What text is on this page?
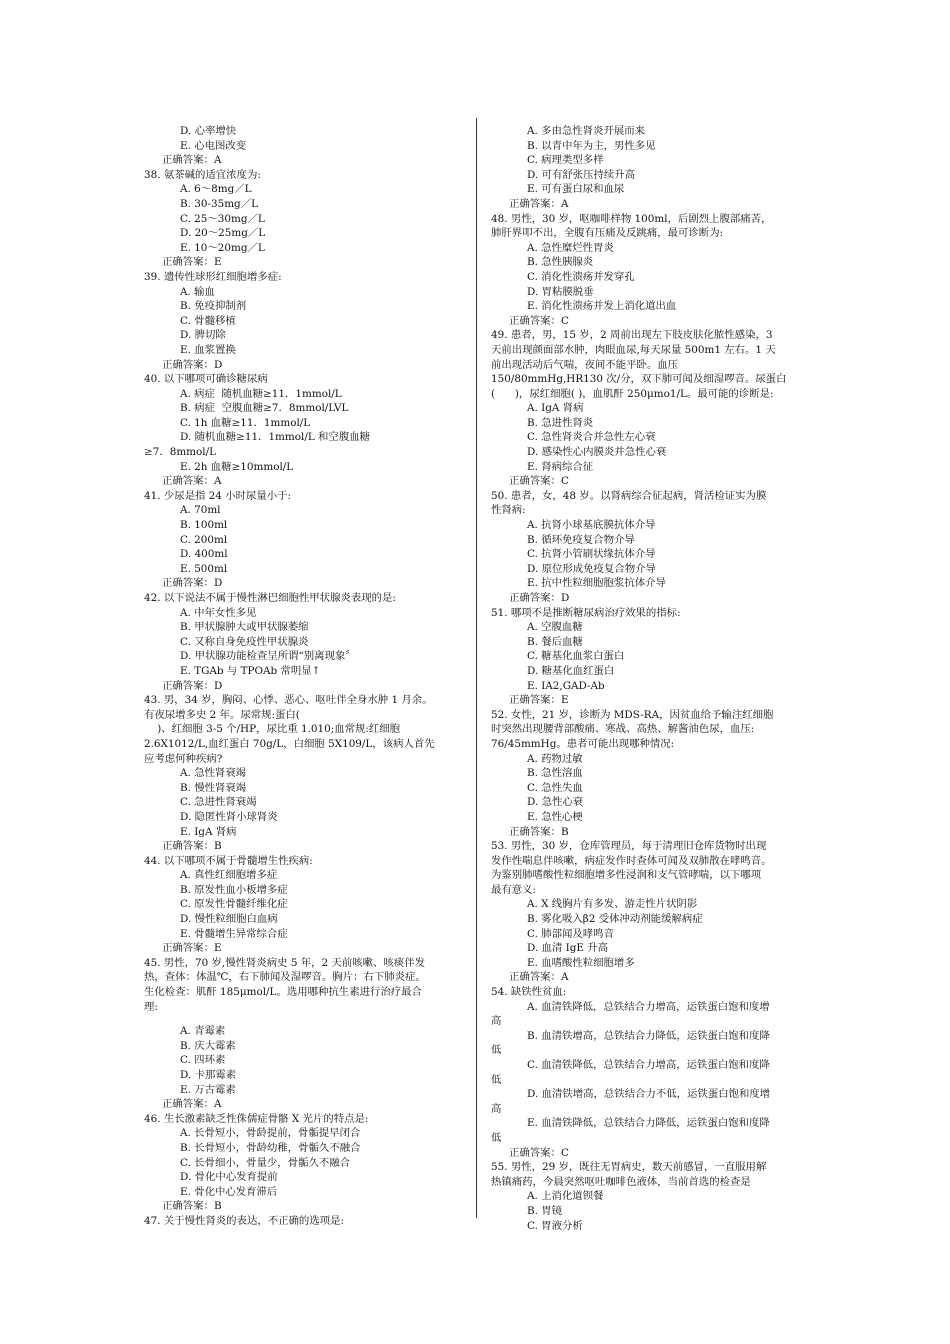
D. 心率增快
E. 心电图改变
正确答案：A
38. 氨茶碱的适宜浓度为:
A. 6～8mg／L
B. 30-35mg／L
C. 25～30mg／L
D. 20～25mg／L
E. 10～20mg／L
正确答案：E
39. 遗传性球形红细胞增多症:
A. 输血
B. 免疫抑制剂
C. 骨髓移植
D. 脾切除
E. 血浆置换
正确答案：D
40. 以下哪项可确诊糖尿病
A. 病症  随机血糖≥11．1mmol/L
B. 病症  空腹血糖≥7．8mmol/LVL
C. 1h 血糖≥11．1mmol/L
D. 随机血糖≥11．1mmol/L 和空腹血糖
≥7．8mmol/L
E. 2h 血糖≥10mmol/L
正确答案：A
41. 少尿是指 24 小时尿量小于:
A. 70ml
B. 100ml
C. 200ml
D. 400ml
E. 500ml
正确答案：D
42. 以下说法不属于慢性淋巴细胞性甲状腺炎表现的是:
A. 中年女性多见
B. 甲状腺肿大或甲状腺萎缩
C. 又称自身免疫性甲状腺炎
D. 甲状腺功能检查呈所谓“别离现象〞
E. TGAb 与 TPOAb 常明显↑
正确答案：D
43. 男，34 岁，胸闷、心悸、恶心、呕吐伴全身水肿 1 月余。
有夜尿增多史 2 年。尿常规:蛋白(
)、红细胞 3-5 个/HP，尿比重 1.010;血常规:红细胞
2.6X1012/L,血红蛋白 70g/L，白细胞 5X109/L，该病人首先
应考虑何种疾病?
A. 急性肾衰竭
B. 慢性肾衰竭
C. 急进性肾衰竭
D. 隐匿性肾小球肾炎
E. IgA 肾病
正确答案：B
44. 以下哪项不属于骨髓增生性疾病:
A. 真性红细胞增多症
B. 原发性血小板增多症
C. 原发性骨髓纤维化症
D. 慢性粒细胞白血病
E. 骨髓增生异常综合症
正确答案：E
45. 男性，70 岁,慢性肾炎病史 5 年，2 天前咳嗽、咳痰伴发
热，查体：体温℃，右下肺闻及湿啰音。胸片：右下肺炎症。
生化检查：肌酐 185μmol/L。选用哪种抗生素进行治疗最合
理:
A. 青霉素
B. 庆大霉素
C. 四环素
D. 卡那霉素
E. 万古霉素
正确答案：A
46. 生长激素缺乏性侏儒症骨骼 X 光片的特点是:
A. 长骨短小，骨龄提前，骨骺提早闭合
B. 长骨短小，骨龄幼稚，骨骺久不融合
C. 长骨细小，骨量少，骨骺久不融合
D. 骨化中心发育提前
E. 骨化中心发育滞后
正确答案：B
47. 关于慢性肾炎的表达，不正确的选项是:
A. 多由急性肾炎开展而来
B. 以青中年为主，男性多见
C. 病理类型多样
D. 可有舒张压持续升高
E. 可有蛋白尿和血尿
正确答案：A
48. 男性，30 岁，呕咖啡样物 100ml，后剧烈上腹部痛苦，
肺肝界叩不出，全腹有压痛及反跳痛，最可诊断为:
A. 急性糜烂性胃炎
B. 急性胰腺炎
C. 消化性溃疡并发穿孔
D. 胃粘膜脱垂
E. 消化性溃疡并发上消化道出血
正确答案：C
49. 患者，男，15 岁，2 周前出现左下肢皮肤化脓性感染，3
天前出现颜面部水肿，肉眼血尿,每天尿量 500m1 左右。1 天
前出现活动后气喘，夜间不能平卧。血压
150/80mmHg,HR130 次/分，双下肺可闻及细湿啰音。尿蛋白
(      )，尿红细胞( )，血肌酐 250μmo1/L。最可能的诊断是:
A. IgA 肾病
B. 急进性肾炎
C. 急性肾炎合并急性左心衰
D. 感染性心内膜炎并急性心衰
E. 肾病综合征
正确答案：C
50. 患者，女，48 岁。以肾病综合征起病，肾活检证实为膜
性肾病:
A. 抗肾小球基底膜抗体介导
B. 循环免疫复合物介导
C. 抗肾小管刷状缘抗体介导
D. 原位形成免疫复合物介导
E. 抗中性粒细胞胞浆抗体介导
正确答案：D
51. 哪项不是推断糖尿病治疗效果的指标:
A. 空腹血糖
B. 餐后血糖
C. 糖基化血浆白蛋白
D. 糖基化血红蛋白
E. IA2,GAD-Ab
正确答案：E
52. 女性，21 岁，诊断为 MDS-RA，因贫血给予输注红细胞
时突然出现腰背部酸痛、寒战、高热、解酱油色尿，血压:
76/45mmHg。患者可能出现哪种情况:
A. 药物过敏
B. 急性溶血
C. 急性失血
D. 急性心衰
E. 急性心梗
正确答案：B
53. 男性，30 岁，仓库管理员，每于清理旧仓库货物时出现
发作性喘息伴咳嗽，病症发作时查体可闻及双肺散在哮鸣音。
为鉴别肺嗜酸性粒细胞增多性浸润和支气管哮喘，以下哪项
最有意义:
A. X 线胸片有多发、游走性片状阴影
B. 雾化吸入β2 受体冲动剂能缓解病症
C. 肺部闻及哮鸣音
D. 血清 IgE 升高
E. 血嗜酸性粒细胞增多
正确答案：A
54. 缺铁性贫血:
A. 血清铁降低，总铁结合力增高，运铁蛋白饱和度增
高
B. 血清铁增高，总铁结合力降低，运铁蛋白饱和度降
低
C. 血清铁降低，总铁结合力增高，运铁蛋白饱和度降
低
D. 血清铁增高，总铁结合力不低，运铁蛋白饱和度增
高
E. 血清铁降低，总铁结合力降低，运铁蛋白饱和度降
低
正确答案：C
55. 男性，29 岁，既往无胃病史，数天前感冒，一直服用解
热镇痛药，今晨突然呕吐咖啡色液体，当前首选的检查是
A. 上消化道钡餐
B. 胃镜
C. 胃液分析
